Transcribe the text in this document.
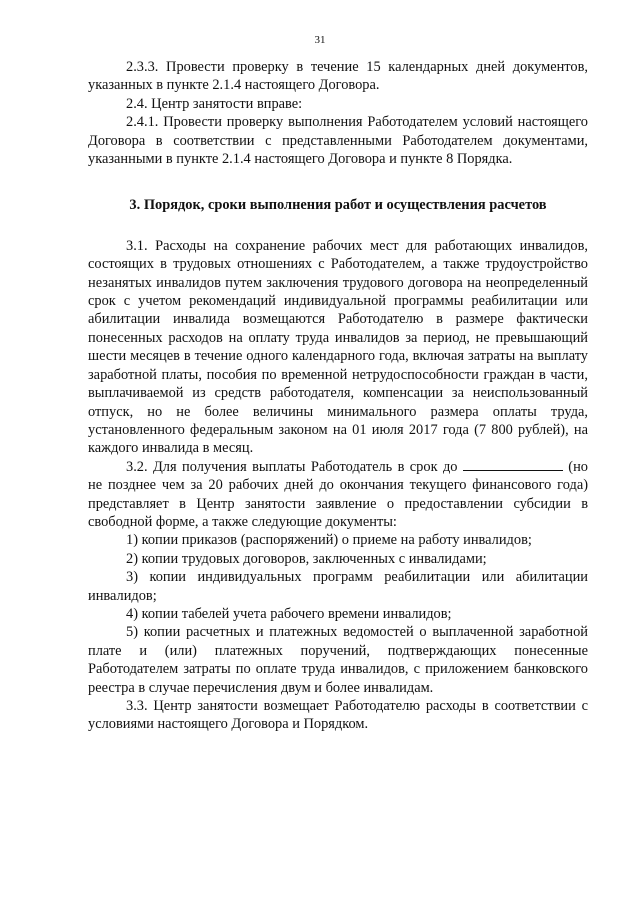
31

2.3.3. Провести проверку в течение 15 календарных дней документов, указанных в пункте 2.1.4 настоящего Договора.

2.4. Центр занятости вправе:

2.4.1. Провести проверку выполнения Работодателем условий настоящего Договора в соответствии с представленными Работодателем документами, указанными в пункте 2.1.4 настоящего Договора и пункте 8 Порядка.

3. Порядок, сроки выполнения работ и осуществления расчетов

3.1. Расходы на сохранение рабочих мест для работающих инвалидов, состоящих в трудовых отношениях с Работодателем, а также трудоустройство незанятых инвалидов путем заключения трудового договора на неопределенный срок с учетом рекомендаций индивидуальной программы реабилитации или абилитации инвалида возмещаются Работодателю в размере фактически понесенных расходов на оплату труда инвалидов за период, не превышающий шести месяцев в течение одного календарного года, включая затраты на выплату заработной платы, пособия по временной нетрудоспособности граждан в части, выплачиваемой из средств работодателя, компенсации за неиспользованный отпуск, но не более величины минимального размера оплаты труда, установленного федеральным законом на 01 июля 2017 года (7 800 рублей), на каждого инвалида в месяц.

3.2. Для получения выплаты Работодатель в срок до	(но не позднее чем за 20 рабочих дней до окончания текущего финансового года) представляет в Центр занятости заявление о предоставлении субсидии в свободной форме, а также следующие документы:

1) копии приказов (распоряжений) о приеме на работу инвалидов;

2) копии трудовых договоров, заключенных с инвалидами;

3) копии индивидуальных программ реабилитации или абилитации инвалидов;

4) копии табелей учета рабочего времени инвалидов;

5) копии расчетных и платежных ведомостей о выплаченной заработной плате и (или) платежных поручений, подтверждающих понесенные Работодателем затраты по оплате труда инвалидов, с приложением банковского реестра в случае перечисления двум и более инвалидам.

3.3. Центр занятости возмещает Работодателю расходы в соответствии с условиями настоящего Договора и Порядком.
